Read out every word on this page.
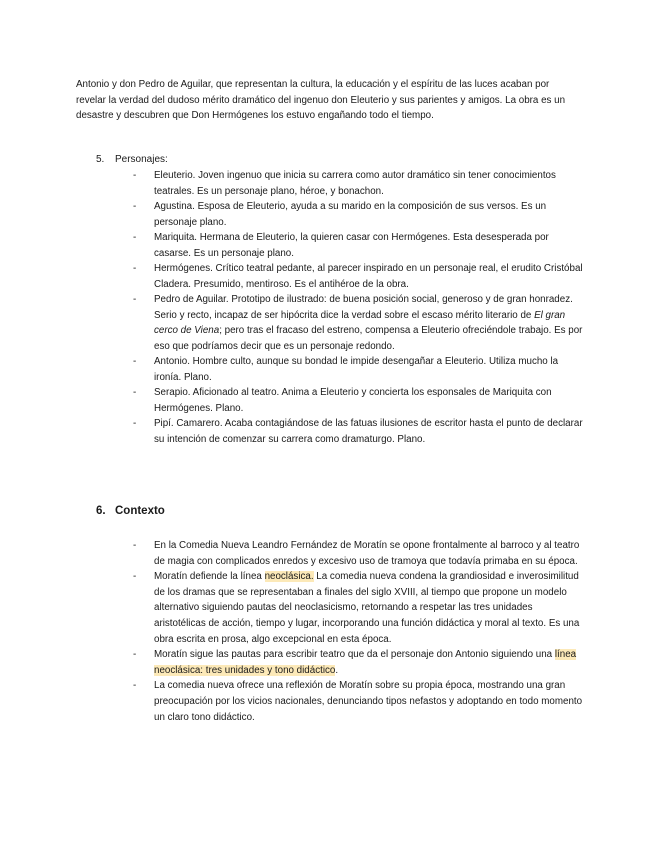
Antonio y don Pedro de Aguilar, que representan la cultura, la educación y el espíritu de las luces acaban por revelar la verdad del dudoso mérito dramático del ingenuo don Eleuterio y sus parientes y amigos. La obra es un desastre y descubren que Don Hermógenes los estuvo engañando todo el tiempo.

5. Personajes:
- Eleuterio. Joven ingenuo que inicia su carrera como autor dramático sin tener conocimientos teatrales. Es un personaje plano, héroe, y bonachon.
- Agustina. Esposa de Eleuterio, ayuda a su marido en la composición de sus versos. Es un personaje plano.
- Mariquita. Hermana de Eleuterio, la quieren casar con Hermógenes. Esta desesperada por casarse. Es un personaje plano.
- Hermógenes. Crítico teatral pedante, al parecer inspirado en un personaje real, el erudito Cristóbal Cladera. Presumido, mentiroso. Es el antihéroe de la obra.
- Pedro de Aguilar. Prototipo de ilustrado: de buena posición social, generoso y de gran honradez. Serio y recto, incapaz de ser hipócrita dice la verdad sobre el escaso mérito literario de El gran cerco de Viena; pero tras el fracaso del estreno, compensa a Eleuterio ofreciéndole trabajo. Es por eso que podríamos decir que es un personaje redondo.
- Antonio. Hombre culto, aunque su bondad le impide desengañar a Eleuterio. Utiliza mucho la ironía. Plano.
- Serapio. Aficionado al teatro. Anima a Eleuterio y concierta los esponsales de Mariquita con Hermógenes. Plano.
- Pipí. Camarero. Acaba contagiándose de las fatuas ilusiones de escritor hasta el punto de declarar su intención de comenzar su carrera como dramaturgo. Plano.
6. Contexto
- En la Comedia Nueva Leandro Fernández de Moratín se opone frontalmente al barroco y al teatro de magia con complicados enredos y excesivo uso de tramoya que todavía primaba en su época.
- Moratín defiende la línea neoclásica. La comedia nueva condena la grandiosidad e inverosimilitud de los dramas que se representaban a finales del siglo XVIII, al tiempo que propone un modelo alternativo siguiendo pautas del neoclasicismo, retornando a respetar las tres unidades aristotélicas de acción, tiempo y lugar, incorporando una función didáctica y moral al texto. Es una obra escrita en prosa, algo excepcional en esta época.
- Moratín sigue las pautas para escribir teatro que da el personaje don Antonio siguiendo una línea neoclásica: tres unidades y tono didáctico.
- La comedia nueva ofrece una reflexión de Moratín sobre su propia época, mostrando una gran preocupación por los vicios nacionales, denunciando tipos nefastos y adoptando en todo momento un claro tono didáctico.
